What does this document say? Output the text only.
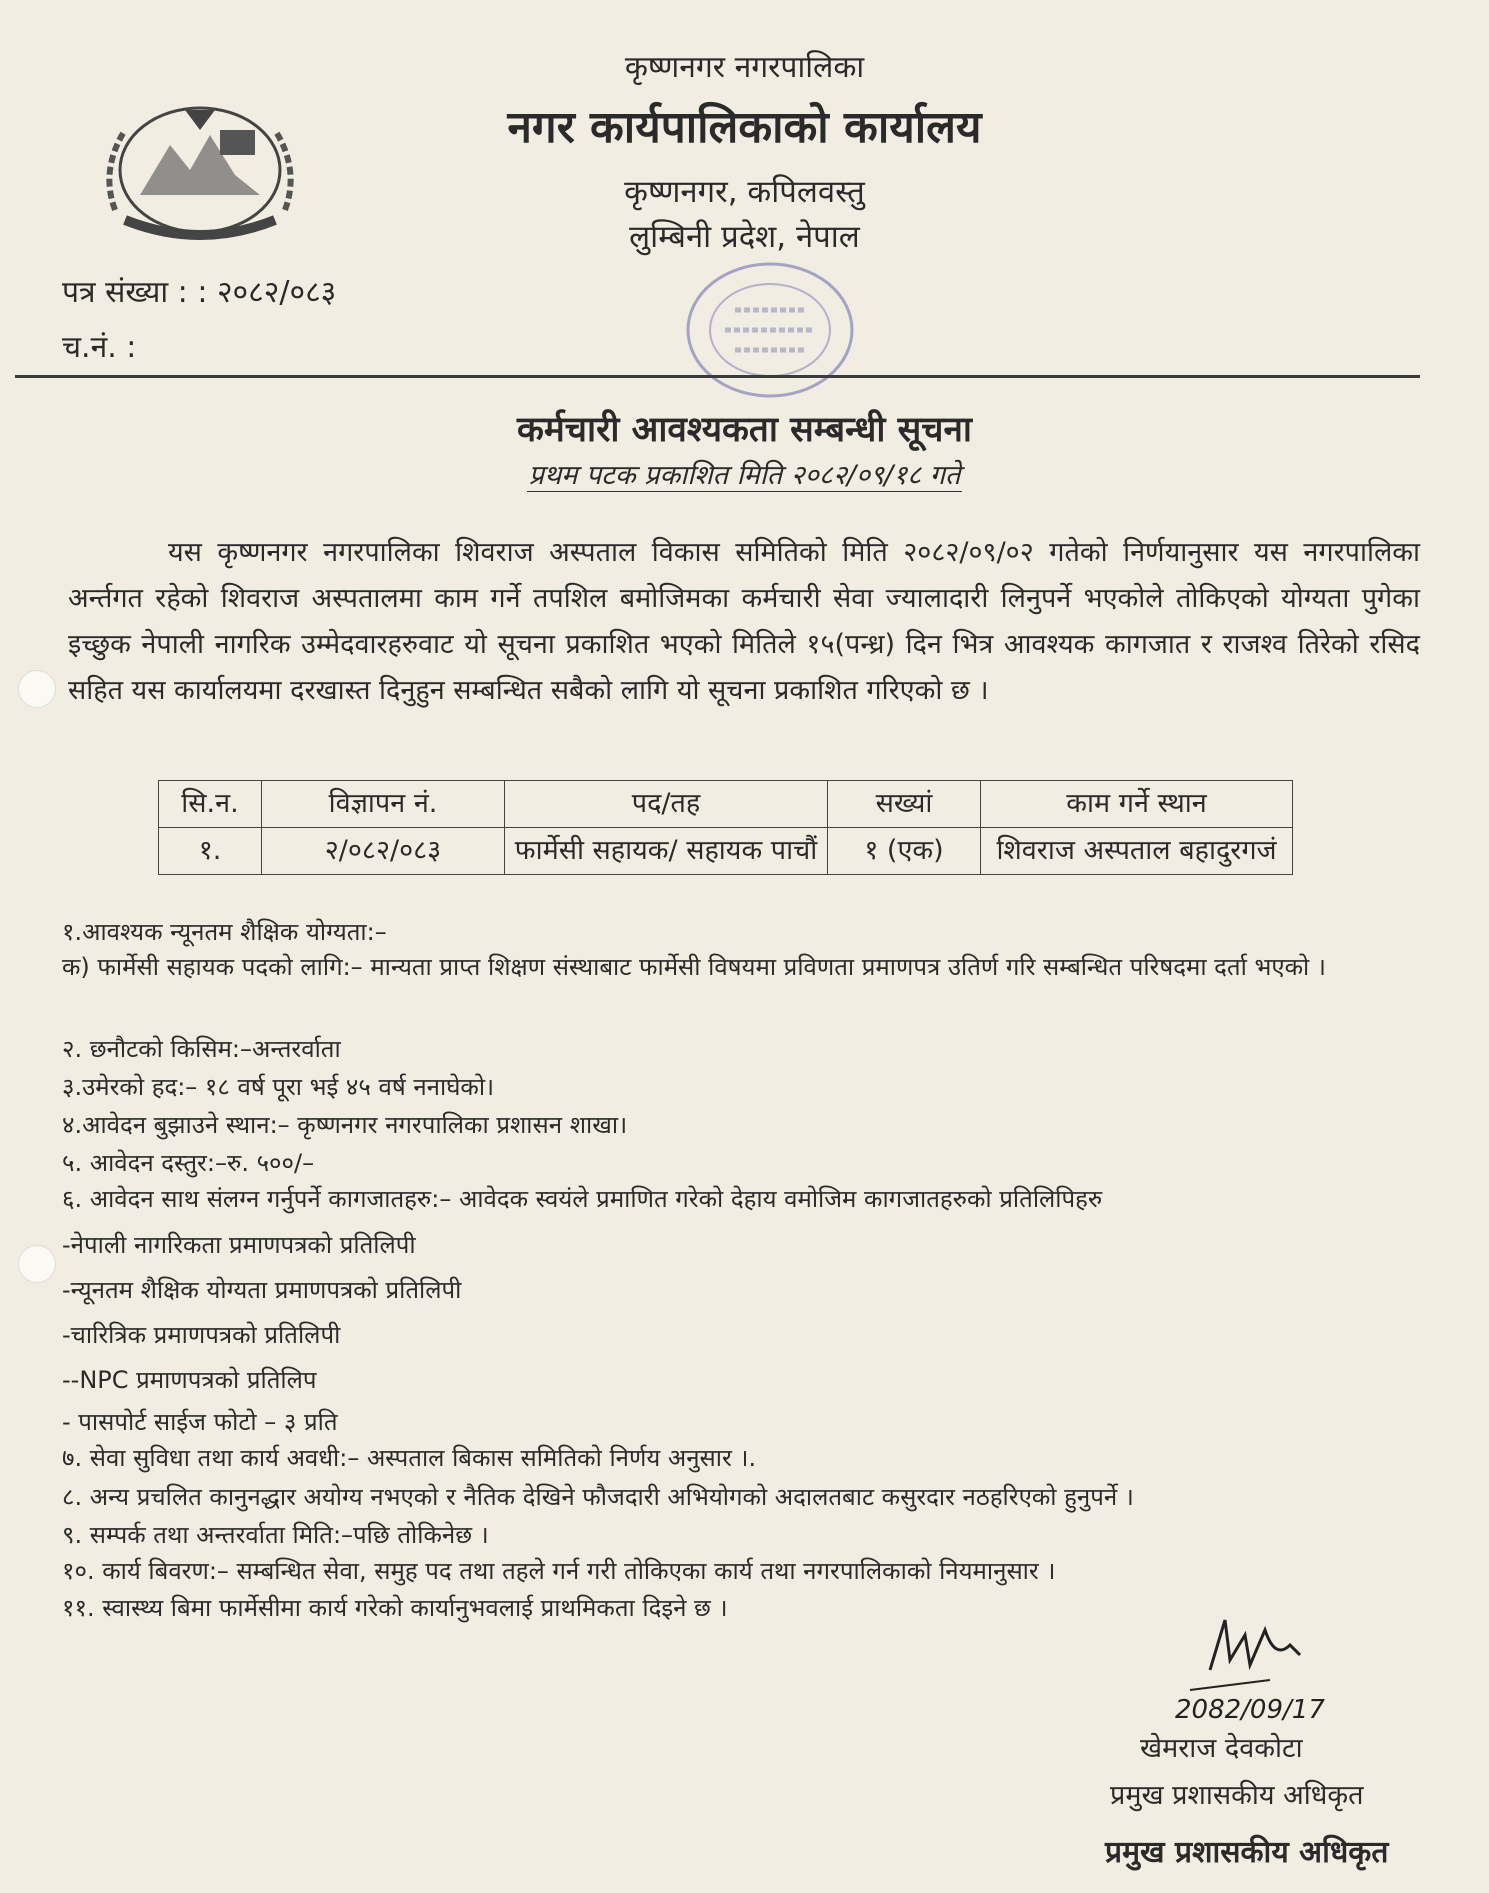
कृष्णनगर नगरपालिका
नगर कार्यपालिकाको कार्यालय
कृष्णनगर, कपिलवस्तु
लुम्बिनी प्रदेश, नेपाल
पत्र संख्या : : २०८२/०८३
च.नं. :
कर्मचारी आवश्यकता सम्बन्धी सूचना
प्रथम पटक प्रकाशित मिति २०८२/०९/१८ गते

यस कृष्णनगर नगरपालिका शिवराज अस्पताल विकास समितिको मिति २०८२/०९/०२ गतेको निर्णयानुसार यस नगरपालिका अर्न्तगत रहेको शिवराज अस्पतालमा काम गर्ने तपशिल बमोजिमका कर्मचारी सेवा ज्यालादारी लिनुपर्ने भएकोले तोकिएको योग्यता पुगेका इच्छुक नेपाली नागरिक उम्मेदवारहरुवाट यो सूचना प्रकाशित भएको मितिले १५(पन्ध्र) दिन भित्र आवश्यक कागजात र राजश्व तिरेको रसिद सहित यस कार्यालयमा दरखास्त दिनुहुन सम्बन्धित सबैको लागि यो सूचना प्रकाशित गरिएको छ ।

सि.न.	विज्ञापन नं.	पद/तह	सख्यां	काम गर्ने स्थान
१.	२/०८२/०८३	फार्मेसी सहायक/ सहायक पाचौं	१ (एक)	शिवराज अस्पताल बहादुरगजं
१.आवश्यक न्यूनतम शैक्षिक योग्यता:–
क) फार्मेसी सहायक पदको लागि:– मान्यता प्राप्त शिक्षण संस्थाबाट फार्मेसी विषयमा प्रविणता प्रमाणपत्र उतिर्ण गरि सम्बन्धित परिषदमा दर्ता भएको ।
२. छनौटको किसिम:–अन्तरर्वाता
३.उमेरको हद:– १८ वर्ष पूरा भई ४५ वर्ष ननाघेको।
४.आवेदन बुझाउने स्थान:– कृष्णनगर नगरपालिका प्रशासन शाखा।
५. आवेदन दस्तुर:–रु. ५००/–
६. आवेदन साथ संलग्न गर्नुपर्ने कागजातहरु:– आवेदक स्वयंले प्रमाणित गरेको देहाय वमोजिम कागजातहरुको प्रतिलिपिहरु
-नेपाली नागरिकता प्रमाणपत्रको प्रतिलिपी
-न्यूनतम शैक्षिक योग्यता प्रमाणपत्रको प्रतिलिपी
-चारित्रिक प्रमाणपत्रको प्रतिलिपी
--NPC प्रमाणपत्रको प्रतिलिप
- पासपोर्ट साईज फोटो – ३ प्रति
७. सेवा सुविधा तथा कार्य अवधी:– अस्पताल बिकास समितिको निर्णय अनुसार ।.
८. अन्य प्रचलित कानुनद्धार अयोग्य नभएको र नैतिक देखिने फौजदारी अभियोगको अदालतबाट कसुरदार नठहरिएको हुनुपर्ने ।
९. सम्पर्क तथा अन्तरर्वाता मिति:–पछि तोकिनेछ ।
१०. कार्य बिवरण:– सम्बन्धित सेवा, समुह पद तथा तहले गर्न गरी तोकिएका कार्य तथा नगरपालिकाको नियमानुसार ।
११. स्वास्थ्य बिमा फार्मेसीमा कार्य गरेको कार्यानुभवलाई प्राथमिकता दिइने छ ।
2082/09/17
खेमराज देवकोटा
प्रमुख प्रशासकीय अधिकृत
प्रमुख प्रशासकीय अधिकृत
